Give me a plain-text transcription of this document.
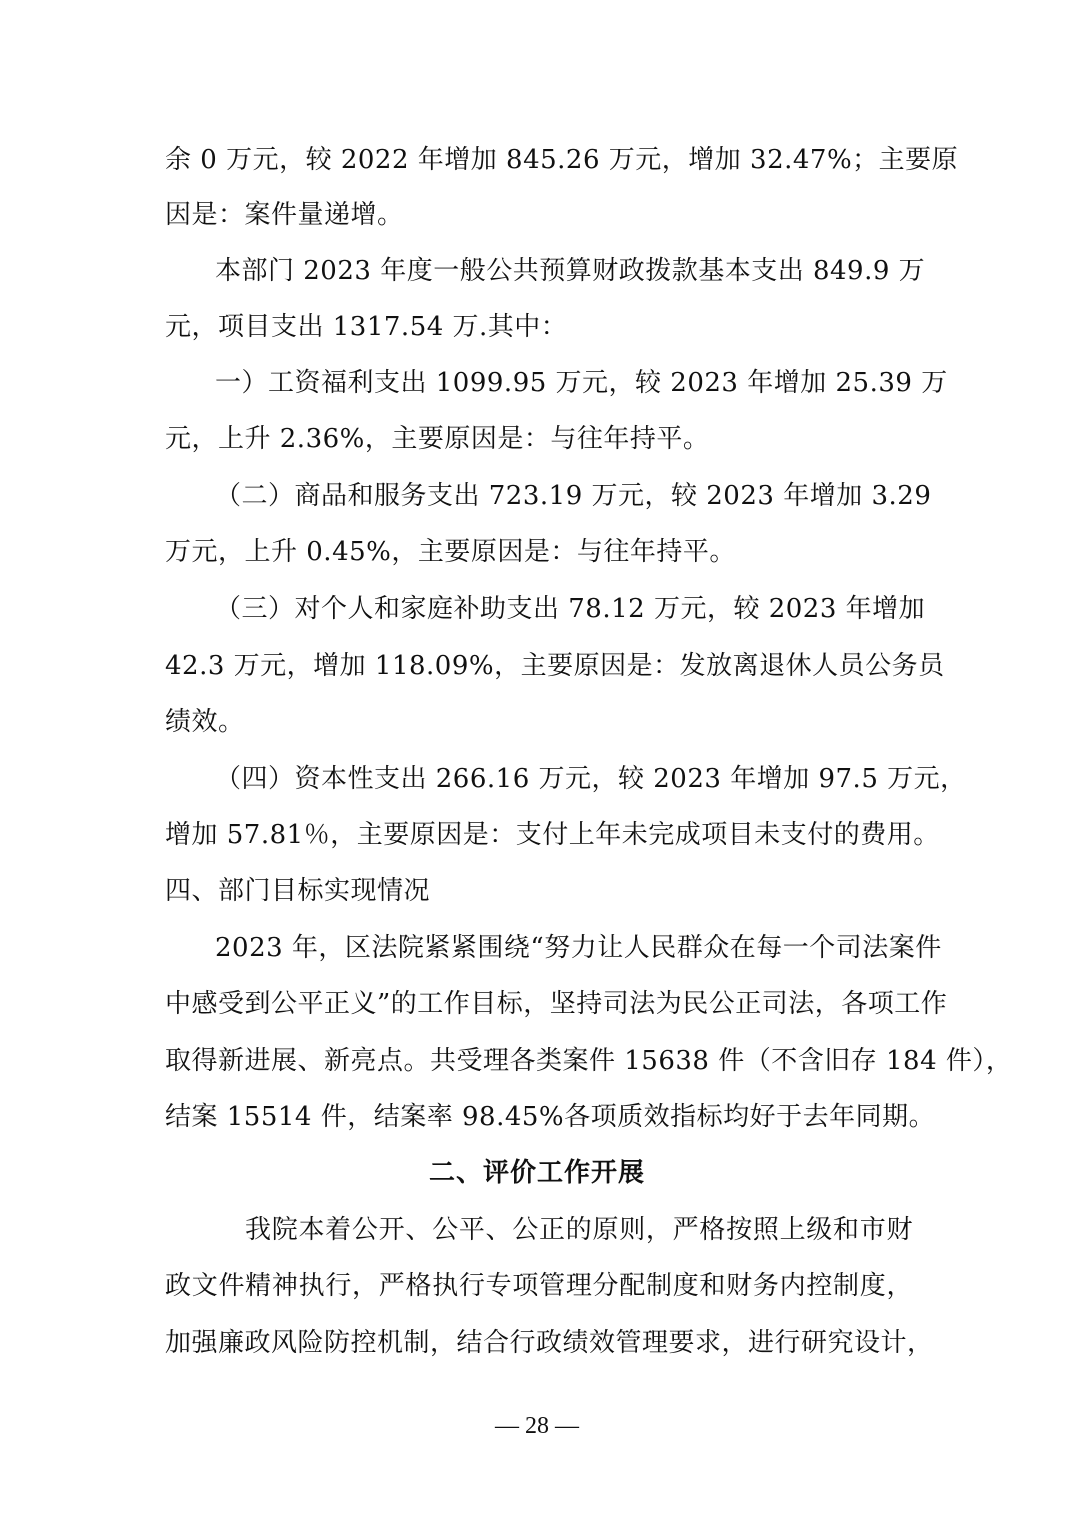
余 0 万元，较 2022 年增加 845.26 万元，增加 32.47%；主要原
因是：案件量递增。
本部门 2023 年度一般公共预算财政拨款基本支出 849.9 万
元，项目支出 1317.54 万.其中：
一）工资福利支出 1099.95 万元，较 2023 年增加 25.39 万
元，上升 2.36%，主要原因是：与往年持平。
（二）商品和服务支出 723.19 万元，较 2023 年增加 3.29
万元，上升 0.45%，主要原因是：与往年持平。
（三）对个人和家庭补助支出 78.12 万元，较 2023 年增加
42.3 万元，增加 118.09%，主要原因是：发放离退休人员公务员
绩效。
（四）资本性支出 266.16 万元，较 2023 年增加 97.5 万元，
增加 57.81％，主要原因是：支付上年未完成项目未支付的费用。
四、部门目标实现情况
2023 年，区法院紧紧围绕“努力让人民群众在每一个司法案件
中感受到公平正义”的工作目标，坚持司法为民公正司法，各项工作
取得新进展、新亮点。共受理各类案件 15638 件（不含旧存 184 件），
结案 15514 件，结案率 98.45%各项质效指标均好于去年同期。
二、评价工作开展
我院本着公开、公平、公正的原则，严格按照上级和市财
政文件精神执行，严格执行专项管理分配制度和财务内控制度，
加强廉政风险防控机制，结合行政绩效管理要求，进行研究设计，
— 28 —
